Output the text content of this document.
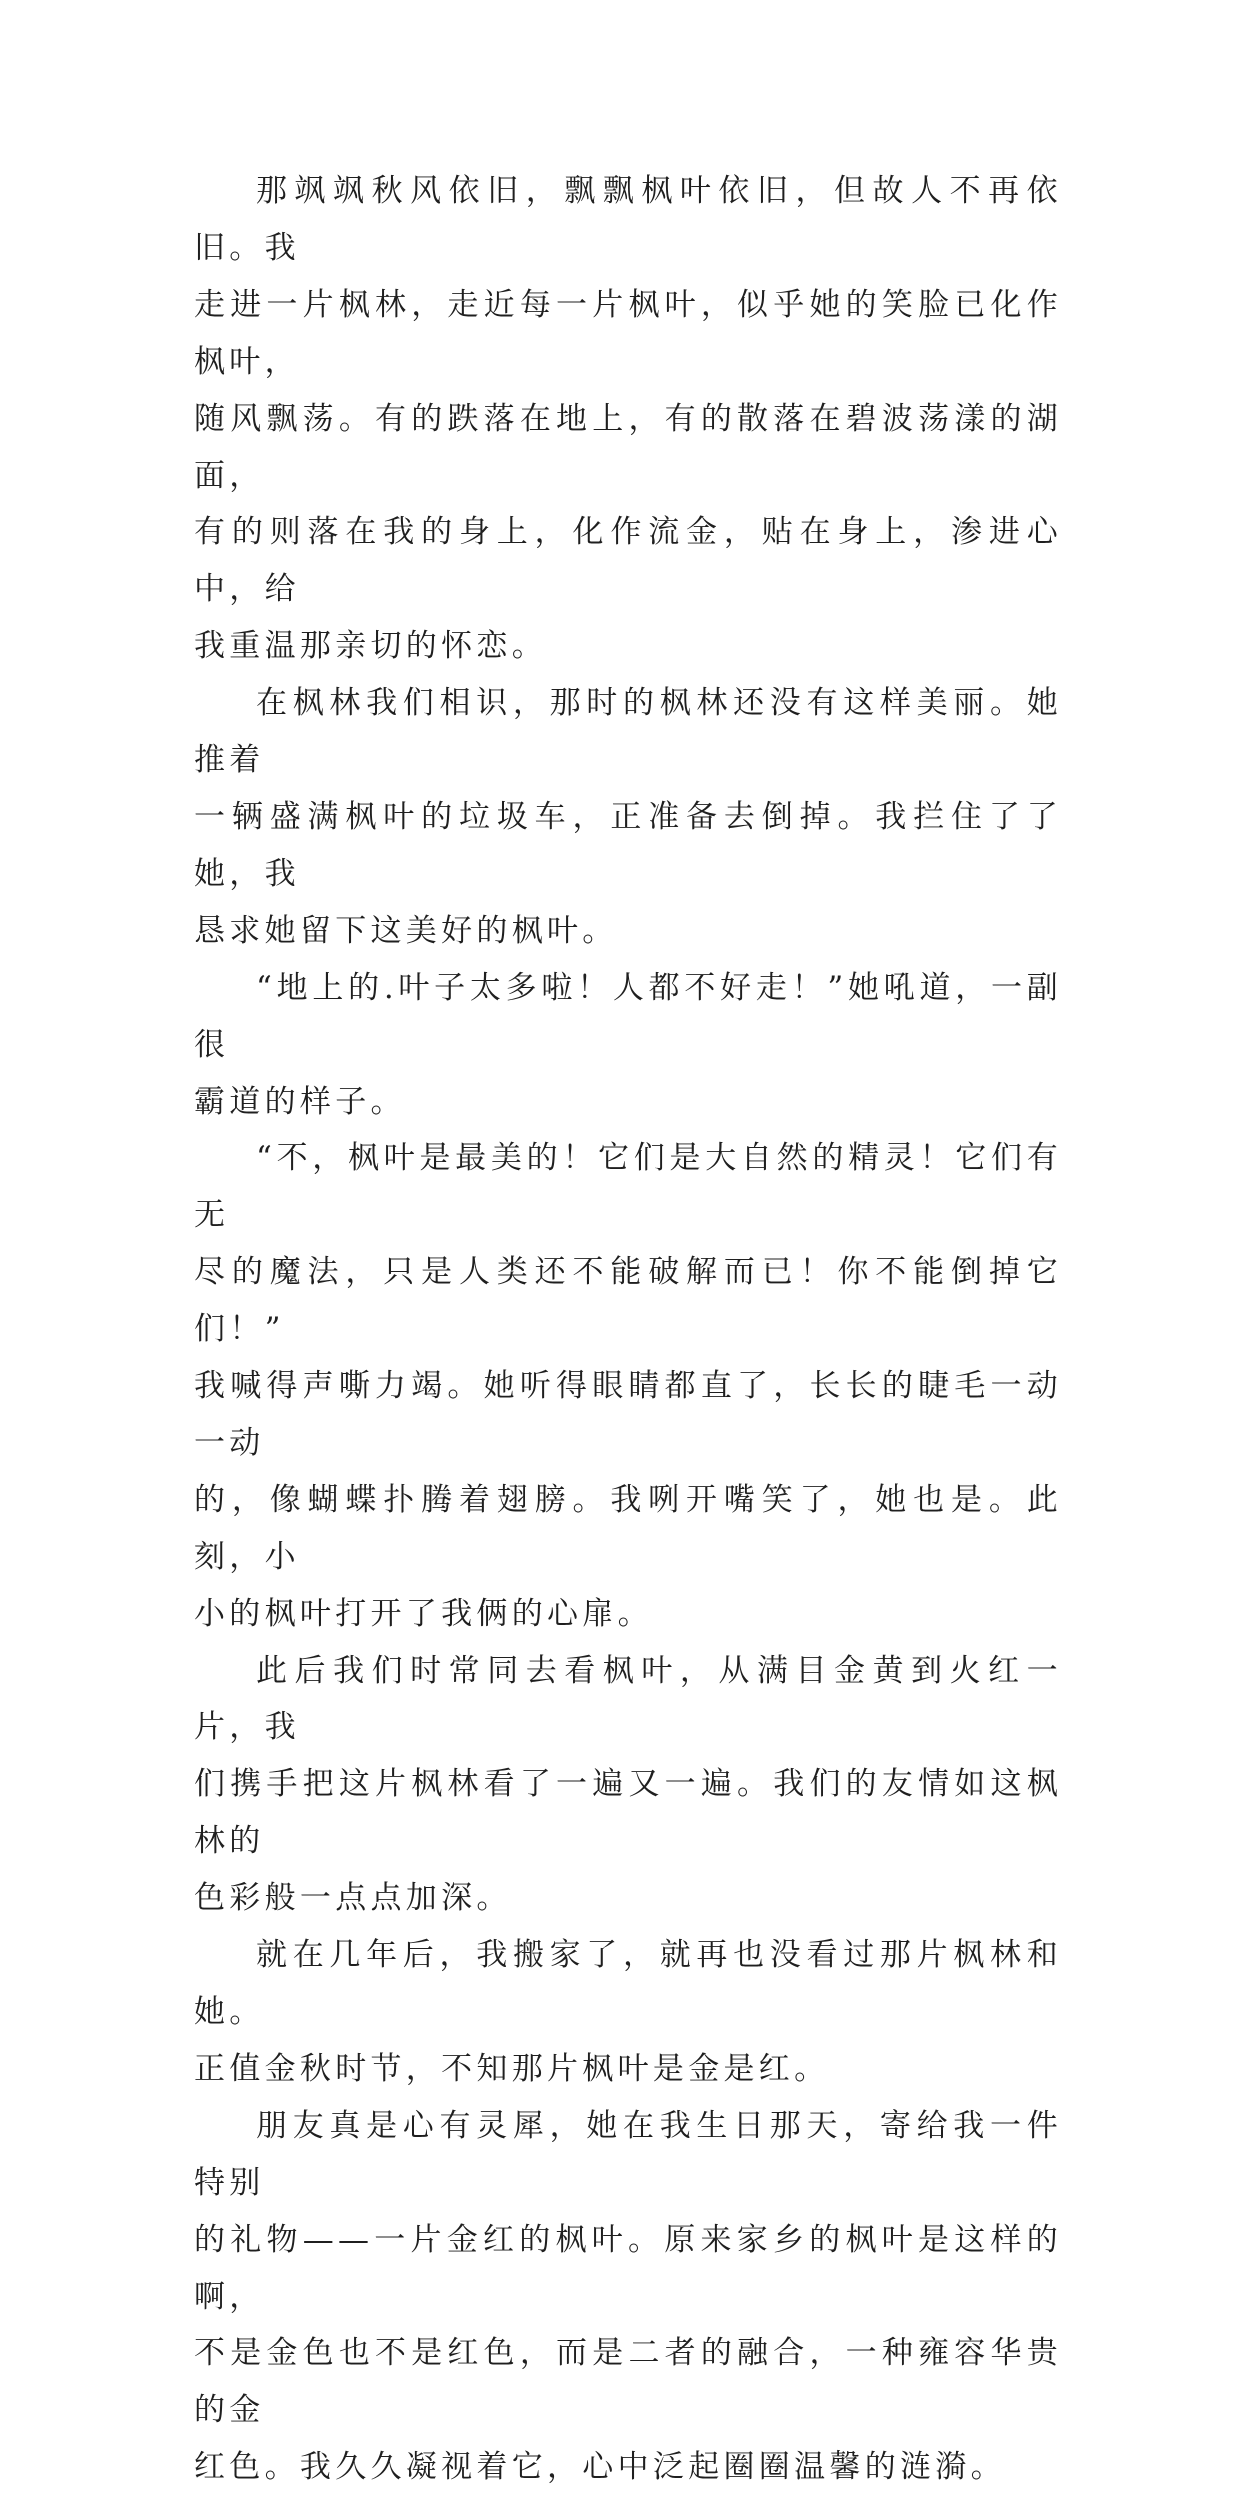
那飒飒秋风依旧，飘飘枫叶依旧，但故人不再依旧。我
走进一片枫林，走近每一片枫叶，似乎她的笑脸已化作枫叶，
随风飘荡。有的跌落在地上，有的散落在碧波荡漾的湖面，
有的则落在我的身上，化作流金，贴在身上，渗进心中，给
我重温那亲切的怀恋。

在枫林我们相识，那时的枫林还没有这样美丽。她推着
一辆盛满枫叶的垃圾车，正准备去倒掉。我拦住了了她，我
恳求她留下这美好的枫叶。

“地上的.叶子太多啦！人都不好走！”她吼道，一副很
霸道的样子。

“不，枫叶是最美的！它们是大自然的精灵！它们有无
尽的魔法，只是人类还不能破解而已！你不能倒掉它们！”
我喊得声嘶力竭。她听得眼睛都直了，长长的睫毛一动一动
的，像蝴蝶扑腾着翅膀。我咧开嘴笑了，她也是。此刻，小
小的枫叶打开了我俩的心扉。

此后我们时常同去看枫叶，从满目金黄到火红一片，我
们携手把这片枫林看了一遍又一遍。我们的友情如这枫林的
色彩般一点点加深。

就在几年后，我搬家了，就再也没看过那片枫林和她。
正值金秋时节，不知那片枫叶是金是红。

朋友真是心有灵犀，她在我生日那天，寄给我一件特别
的礼物——一片金红的枫叶。原来家乡的枫叶是这样的啊，
不是金色也不是红色，而是二者的融合，一种雍容华贵的金
红色。我久久凝视着它，心中泛起圈圈温馨的涟漪。
